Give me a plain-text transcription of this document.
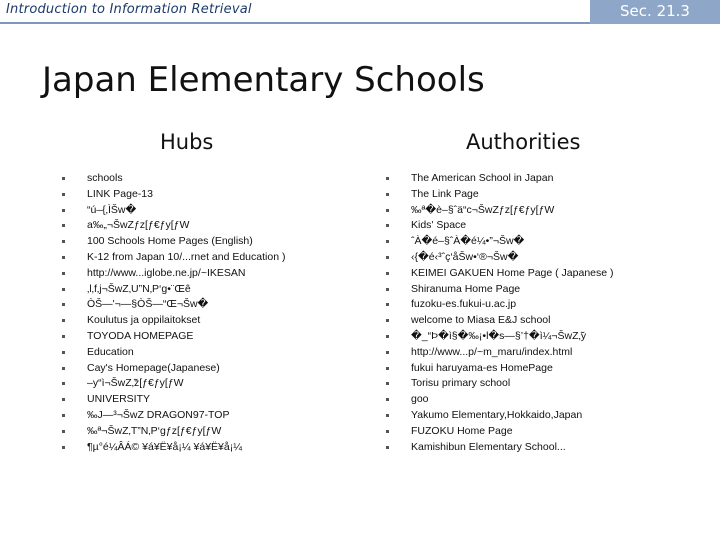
Introduction to Information Retrieval	Sec. 21.3
Japan Elementary Schools
Hubs	Authorities
schools
LINK Page-13
“ú–{‚ÌŠw�
a‰„¬ŠwZƒz[ƒ€ƒy[ƒW
100 Schools Home Pages (English)
K-12 from Japan 10/...rnet and Education )
http://www...iglobe.ne.jp/~IKESAN
‚l‚f‚j¬ŠwZ‚U”N‚P‘g•¨Œê
ÒŠ—'¬—§ÒŠ—“Œ¬Šw�
Koulutus ja oppilaitokset
TOYODA HOMEPAGE
Education
Cay's Homepage(Japanese)
–y“ì¬ŠwZ‚̃z[ƒ€ƒy[ƒW
UNIVERSITY
‰J—³¬ŠwZ DRAGON97-TOP
‰ª¬ŠwZ‚T”N‚P‘gƒz[ƒ€ƒy[ƒW
¶µ°é¼ÂÁ© ¥á¥Ë¥å¡¼ ¥á¥Ë¥å¡¼
The American School in Japan
The Link Page
‰ª�è–§ˆä“c¬ŠwZƒz[ƒ€ƒy[ƒW
Kids' Space
ˆÀ�é–§ˆÀ�é¼•”¬Šw�
‹{�é‹³ˆç‘åŠw•‘®¬Šw�
KEIMEI GAKUEN Home Page ( Japanese )
Shiranuma Home Page
fuzoku-es.fukui-u.ac.jp
welcome to Miasa E&J school
�_“Þ�ì§�‰¡•l�s—§’†�ì¼¬ŠwZ‚̃y
http://www...p/~m_maru/index.html
fukui haruyama-es HomePage
Torisu primary school
goo
Yakumo Elementary,Hokkaido,Japan
FUZOKU Home Page
Kamishibun Elementary School...
